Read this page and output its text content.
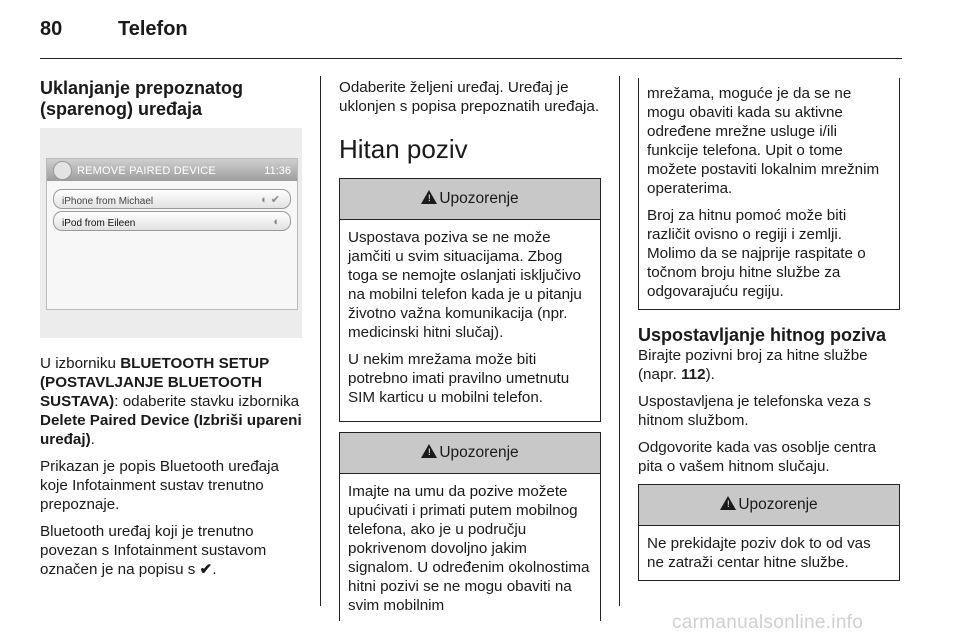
80	Telefon
Uklanjanje prepoznatog (sparenog) uređaja
REMOVE PAIRED DEVICE	11:36
iPhone from Michael	◐ ✔
iPod from Eileen	◐

U izborniku BLUETOOTH SETUP (POSTAVLJANJE BLUETOOTH SUSTAVA): odaberite stavku izbornika Delete Paired Device (Izbriši upareni uređaj).

Prikazan je popis Bluetooth uređaja koje Infotainment sustav trenutno prepoznaje.

Bluetooth uređaj koji je trenutno povezan s Infotainment sustavom označen je na popisu s ✔.

Odaberite željeni uređaj. Uređaj je uklonjen s popisa prepoznatih uređaja.

Hitan poziv
! Upozorenje

Uspostava poziva se ne može jamčiti u svim situacijama. Zbog toga se nemojte oslanjati isključivo na mobilni telefon kada je u pitanju životno važna komunikacija (npr. medicinski hitni slučaj).

U nekim mrežama može biti potrebno imati pravilno umetnutu SIM karticu u mobilni telefon.

! Upozorenje

Imajte na umu da pozive možete upućivati i primati putem mobilnog telefona, ako je u području pokrivenom dovoljno jakim signalom. U određenim okolnostima hitni pozivi se ne mogu obaviti na svim mobilnim

mrežama, moguće je da se ne mogu obaviti kada su aktivne određene mrežne usluge i/ili funkcije telefona. Upit o tome možete postaviti lokalnim mrežnim operaterima.

Broj za hitnu pomoć može biti različit ovisno o regiji i zemlji. Molimo da se najprije raspitate o točnom broju hitne službe za odgovarajuću regiju.

Uspostavljanje hitnog poziva

Birajte pozivni broj za hitne službe (napr. 112).

Uspostavljena je telefonska veza s hitnom službom.

Odgovorite kada vas osoblje centra pita o vašem hitnom slučaju.

! Upozorenje

Ne prekidajte poziv dok to od vas ne zatraži centar hitne službe.

carmanualsonline.info
